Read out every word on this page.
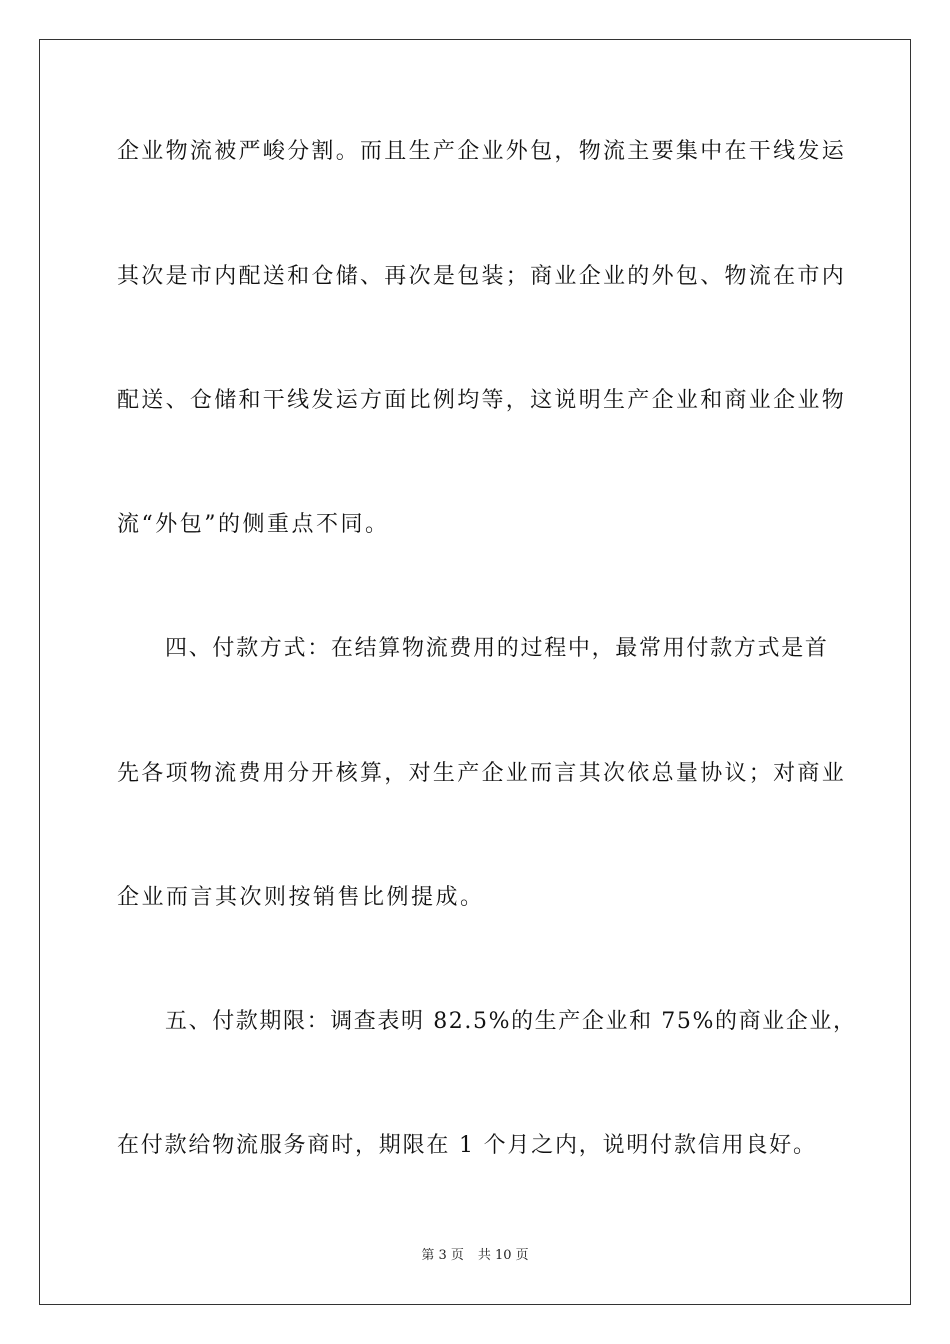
企业物流被严峻分割。而且生产企业外包，物流主要集中在干线发运
其次是市内配送和仓储、再次是包装；商业企业的外包、物流在市内
配送、仓储和干线发运方面比例均等，这说明生产企业和商业企业物
流“外包”的侧重点不同。
四、付款方式：在结算物流费用的过程中，最常用付款方式是首
先各项物流费用分开核算，对生产企业而言其次依总量协议；对商业
企业而言其次则按销售比例提成。
五、付款期限：调查表明 82.5%的生产企业和 75%的商业企业，
在付款给物流服务商时，期限在 1 个月之内，说明付款信用良好。
第 3 页 共 10 页
